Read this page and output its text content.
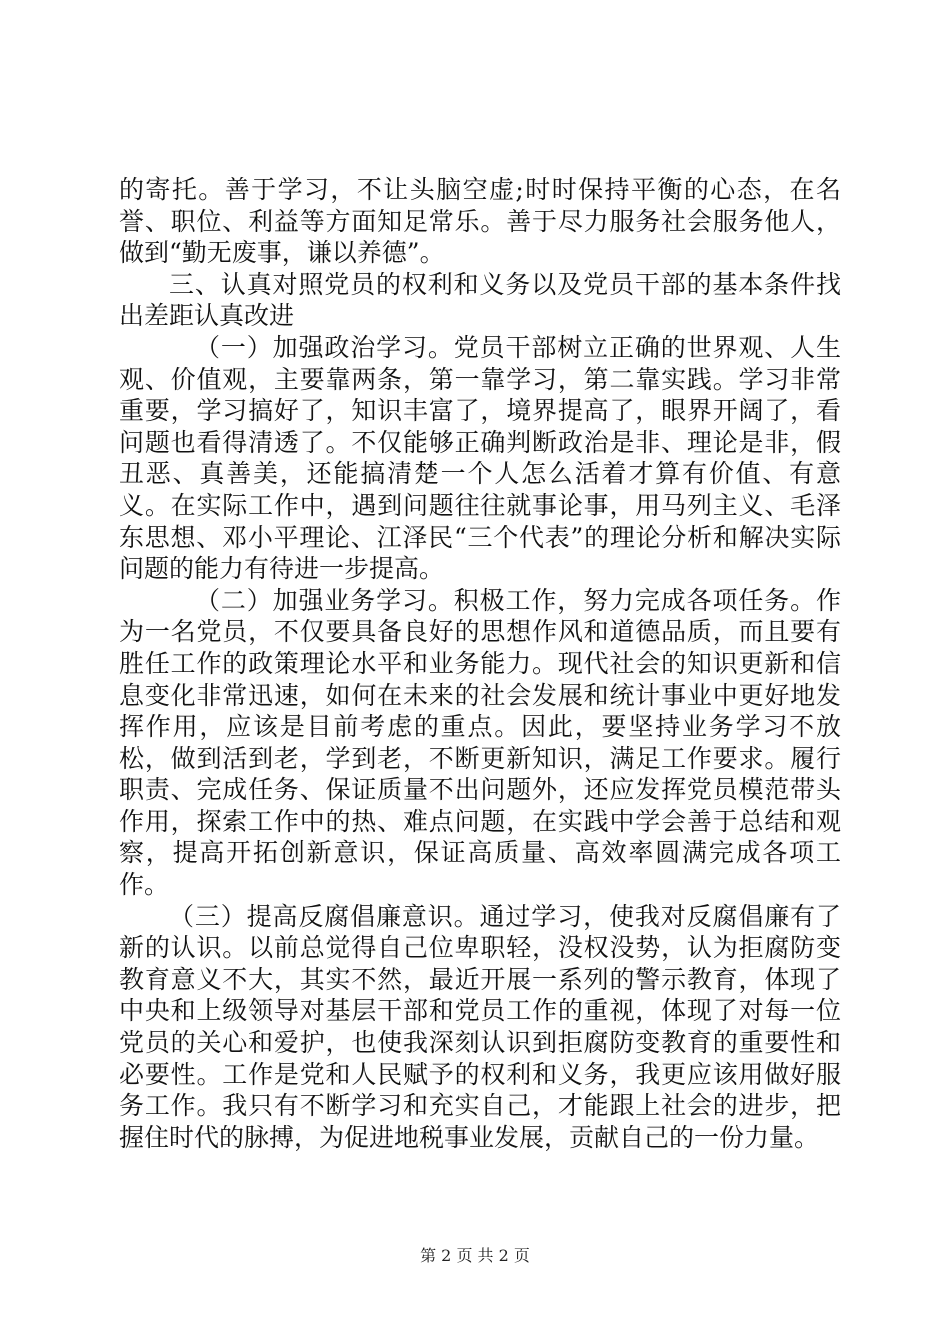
的寄托。善于学习，不让头脑空虚;时时保持平衡的心态，在名誉、职位、利益等方面知足常乐。善于尽力服务社会服务他人，做到“勤无废事，谦以养德”。

三、认真对照党员的权利和义务以及党员干部的基本条件找出差距认真改进

（一）加强政治学习。党员干部树立正确的世界观、人生观、价值观，主要靠两条，第一靠学习，第二靠实践。学习非常重要，学习搞好了，知识丰富了，境界提高了，眼界开阔了，看问题也看得清透了。不仅能够正确判断政治是非、理论是非，假丑恶、真善美，还能搞清楚一个人怎么活着才算有价值、有意义。在实际工作中，遇到问题往往就事论事，用马列主义、毛泽东思想、邓小平理论、江泽民“三个代表”的理论分析和解决实际问题的能力有待进一步提高。

（二）加强业务学习。积极工作，努力完成各项任务。作为一名党员，不仅要具备良好的思想作风和道德品质，而且要有胜任工作的政策理论水平和业务能力。现代社会的知识更新和信息变化非常迅速，如何在未来的社会发展和统计事业中更好地发挥作用，应该是目前考虑的重点。因此，要坚持业务学习不放松，做到活到老，学到老，不断更新知识，满足工作要求。履行职责、完成任务、保证质量不出问题外，还应发挥党员模范带头作用，探索工作中的热、难点问题，在实践中学会善于总结和观察，提高开拓创新意识，保证高质量、高效率圆满完成各项工作。

（三）提高反腐倡廉意识。通过学习，使我对反腐倡廉有了新的认识。以前总觉得自己位卑职轻，没权没势，认为拒腐防变教育意义不大，其实不然，最近开展一系列的警示教育，体现了中央和上级领导对基层干部和党员工作的重视，体现了对每一位党员的关心和爱护，也使我深刻认识到拒腐防变教育的重要性和必要性。工作是党和人民赋予的权利和义务，我更应该用做好服务工作。我只有不断学习和充实自己，才能跟上社会的进步，把握住时代的脉搏，为促进地税事业发展，贡献自己的一份力量。

第 2 页 共 2 页
